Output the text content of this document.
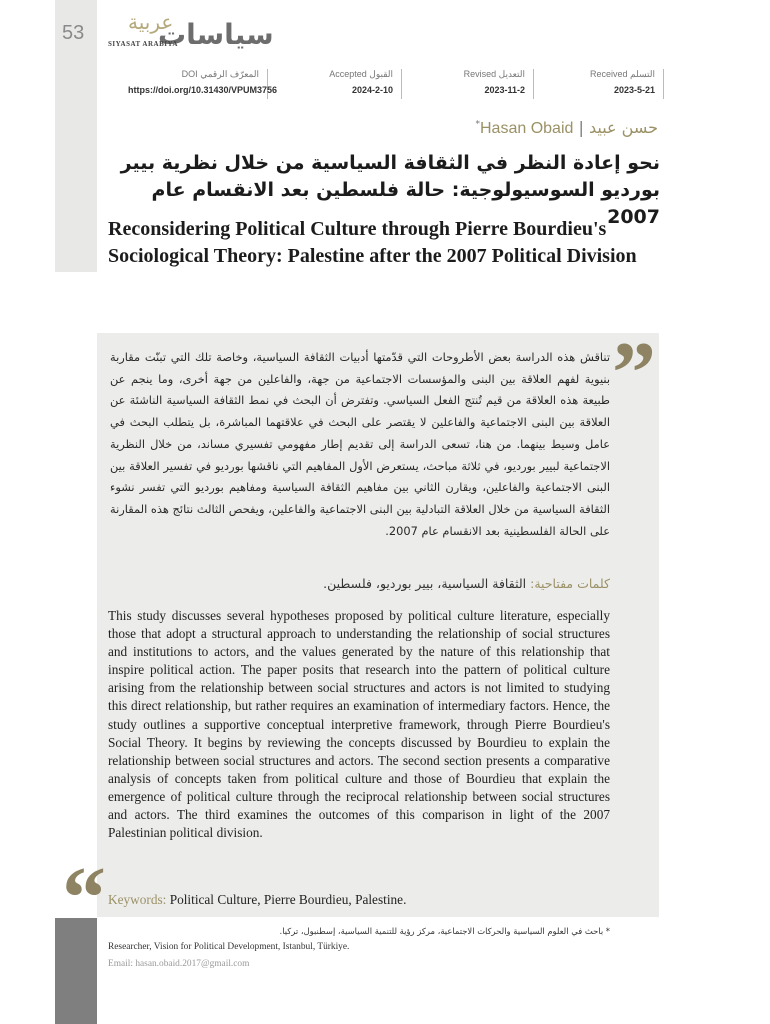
53 عربية
سياسات
SIYASAT ARABIYA
DOI المعرّف الرقمي
https://doi.org/10.31430/VPUM3756
Accepted القبول
2024-2-10
Revised التعديل
2023-11-2
Received التسلم
2023-5-21
حسن عبيد | Hasan Obaid*
نحو إعادة النظر في الثقافة السياسية من خلال نظرية بيير بورديو السوسيولوجية: حالة فلسطين بعد الانقسام عام 2007
Reconsidering Political Culture through Pierre Bourdieu's Sociological Theory: Palestine after the 2007 Political Division
”
“
تناقش هذه الدراسة بعض الأطروحات التي قدّمتها أدبيات الثقافة السياسية، وخاصة تلك التي تبنّت مقاربة بنيوية لفهم العلاقة بين البنى والمؤسسات الاجتماعية من جهة، والفاعلين من جهة أخرى، وما ينجم عن طبيعة هذه العلاقة من قيم تُنتج الفعل السياسي. وتفترض أن البحث في نمط الثقافة السياسية الناشئة عن العلاقة بين البنى الاجتماعية والفاعلين لا يقتصر على البحث في علاقتهما المباشرة، بل يتطلب البحث في عامل وسيط بينهما. من هنا، تسعى الدراسة إلى تقديم إطار مفهومي تفسيري مساند، من خلال النظرية الاجتماعية لبيير بورديو، في ثلاثة مباحث، يستعرض الأول المفاهيم التي ناقشها بورديو في تفسير العلاقة بين البنى الاجتماعية والفاعلين، ويقارن الثاني بين مفاهيم الثقافة السياسية ومفاهيم بورديو التي تفسر نشوء الثقافة السياسية من خلال العلاقة التبادلية بين البنى الاجتماعية والفاعلين، ويفحص الثالث نتائج هذه المقارنة على الحالة الفلسطينية بعد الانقسام عام 2007.
كلمات مفتاحية: الثقافة السياسية، بيير بورديو، فلسطين.
This study discusses several hypotheses proposed by political culture literature, especially those that adopt a structural approach to understanding the relationship of social structures and institutions to actors, and the values generated by the nature of this relationship that inspire political action. The paper posits that research into the pattern of political culture arising from the relationship between social structures and actors is not limited to studying this direct relationship, but rather requires an examination of intermediary factors. Hence, the study outlines a supportive conceptual interpretive framework, through Pierre Bourdieu's Social Theory. It begins by reviewing the concepts discussed by Bourdieu to explain the relationship between social structures and actors. The second section presents a comparative analysis of concepts taken from political culture and those of Bourdieu that explain the emergence of political culture through the reciprocal relationship between social structures and actors. The third examines the outcomes of this comparison in light of the 2007 Palestinian political division.
Keywords: Political Culture, Pierre Bourdieu, Palestine.
* باحث في العلوم السياسية والحركات الاجتماعية، مركز رؤية للتنمية السياسية، إسطنبول، تركيا.
Researcher, Vision for Political Development, Istanbul, Türkiye.
Email: hasan.obaid.2017@gmail.com
